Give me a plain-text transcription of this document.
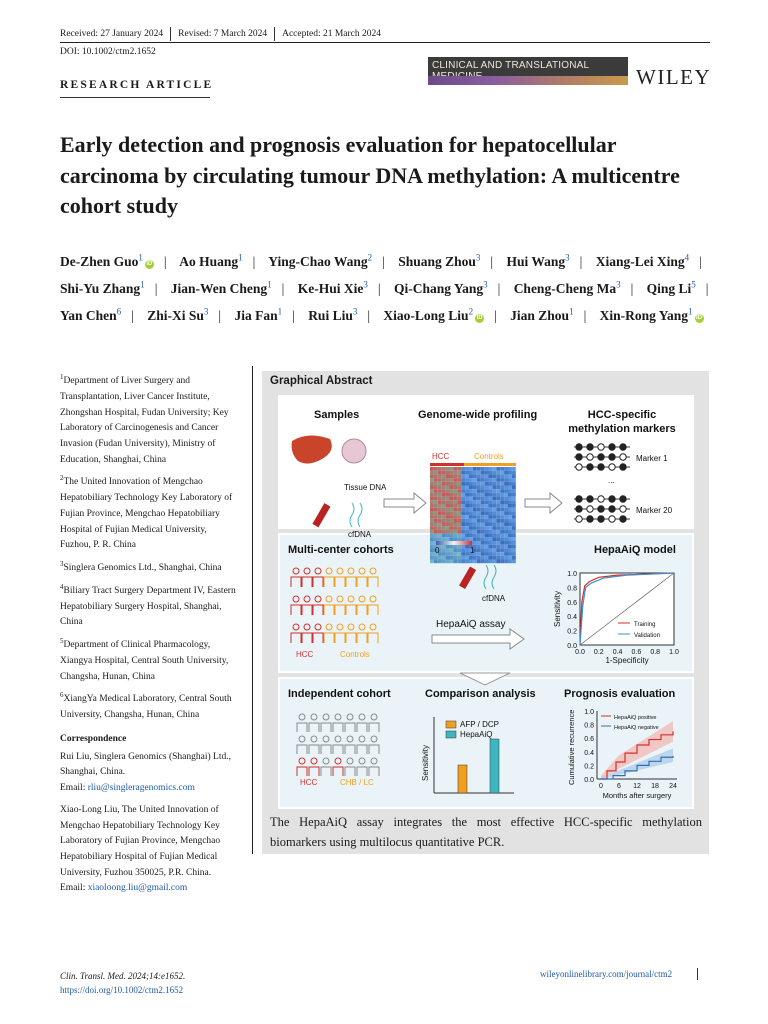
Received: 27 January 2024 Revised: 7 March 2024 Accepted: 21 March 2024
DOI: 10.1002/ctm2.1652
CLINICAL AND TRANSLATIONAL	WILEY
RESEARCH ARTICLE
Early detection and prognosis evaluation for hepatocellular carcinoma by circulating tumour DNA methylation: A multicentre cohort study
De-Zhen Guo$^1$iD | Ao Huang$^1$ | Ying-Chao Wang$^2$ | Shuang Zhou$^3$ | Hui Wang$^3$ | Xiang-Lei Xing$^4$ | Shi-Yu Zhang$^1$ | Jian-Wen Cheng$^1$ | Ke-Hui Xie$^3$ | Qi-Chang Yang$^3$ | Cheng-Cheng Ma$^3$ | Qing Li$^5$ | Yan Chen$^6$ | Zhi-Xi Su$^3$ | Jia Fan$^1$ | Rui Liu$^3$ | Xiao-Long Liu$^2$iD | Jian Zhou$^1$ | Xin-Rong Yang$^1$iD

$^1$Department of Liver Surgery and Transplantation, Liver Cancer Institute, Zhongshan Hospital, Fudan University; Key Laboratory of Carcinogenesis and Cancer Invasion (Fudan University), Ministry of Education, Shanghai, China

$^2$The United Innovation of Mengchao Hepatobiliary Technology Key Laboratory of Fujian Province, Mengchao Hepatobiliary Hospital of Fujian Medical University, Fuzhou, P. R. China

$^3$Singlera Genomics Ltd., Shanghai, China

$^4$Biliary Tract Surgery Department IV, Eastern Hepatobiliary Surgery Hospital, Shanghai, China

$^5$Department of Clinical Pharmacology, Xiangya Hospital, Central South University, Changsha, Hunan, China

$^6$XiangYa Medical Laboratory, Central South University, Changsha, Hunan, China

Correspondence

Rui Liu, Singlera Genomics (Shanghai) Ltd., Shanghai, China.
Email: rliu@singleragenomics.com

Xiao-Long Liu, The United Innovation of Mengchao Hepatobiliary Technology Key Laboratory of Fujian Province, Mengchao Hepatobiliary Hospital of Fujian Medical University, Fuzhou 350025, P.R. China.
Email: xiaoloong.liu@gmail.com

Graphical Abstract
Samples	Genome-wide profiling	HCC-specific
methylation markers
Tissue DNA
cfDNA
HCC	Controls
0	1
Marker 1
...
Marker 20
Multi-center cohorts	HepaAiQ model
HCC	Controls
cfDNA
HepaAiQ assay
0.0
0.2
0.4
0.6
0.8
1.0
0.0 0.2 0.4 0.6 0.8 1.0
Sensitivity
1-Specificity
Training
Validation
Independent cohort	Comparison analysis	Prognosis evaluation
HCC	CHB / LC
Sensitivity
AFP / DCP
HepaAiQ
0.0
0.2
0.4
0.6
0.8
1.0
0 6 12 18 24
Cumulative recurrence
Months after surgery
HepaAiQ positive
HepaAiQ negative
The HepaAiQ assay integrates the most effective HCC-specific methylation biomarkers using multilocus quantitative PCR.
Clin. Transl. Med. 2024;14:e1652.
https://doi.org/10.1002/ctm2.1652
wileyonlinelibrary.com/journal/ctm2
